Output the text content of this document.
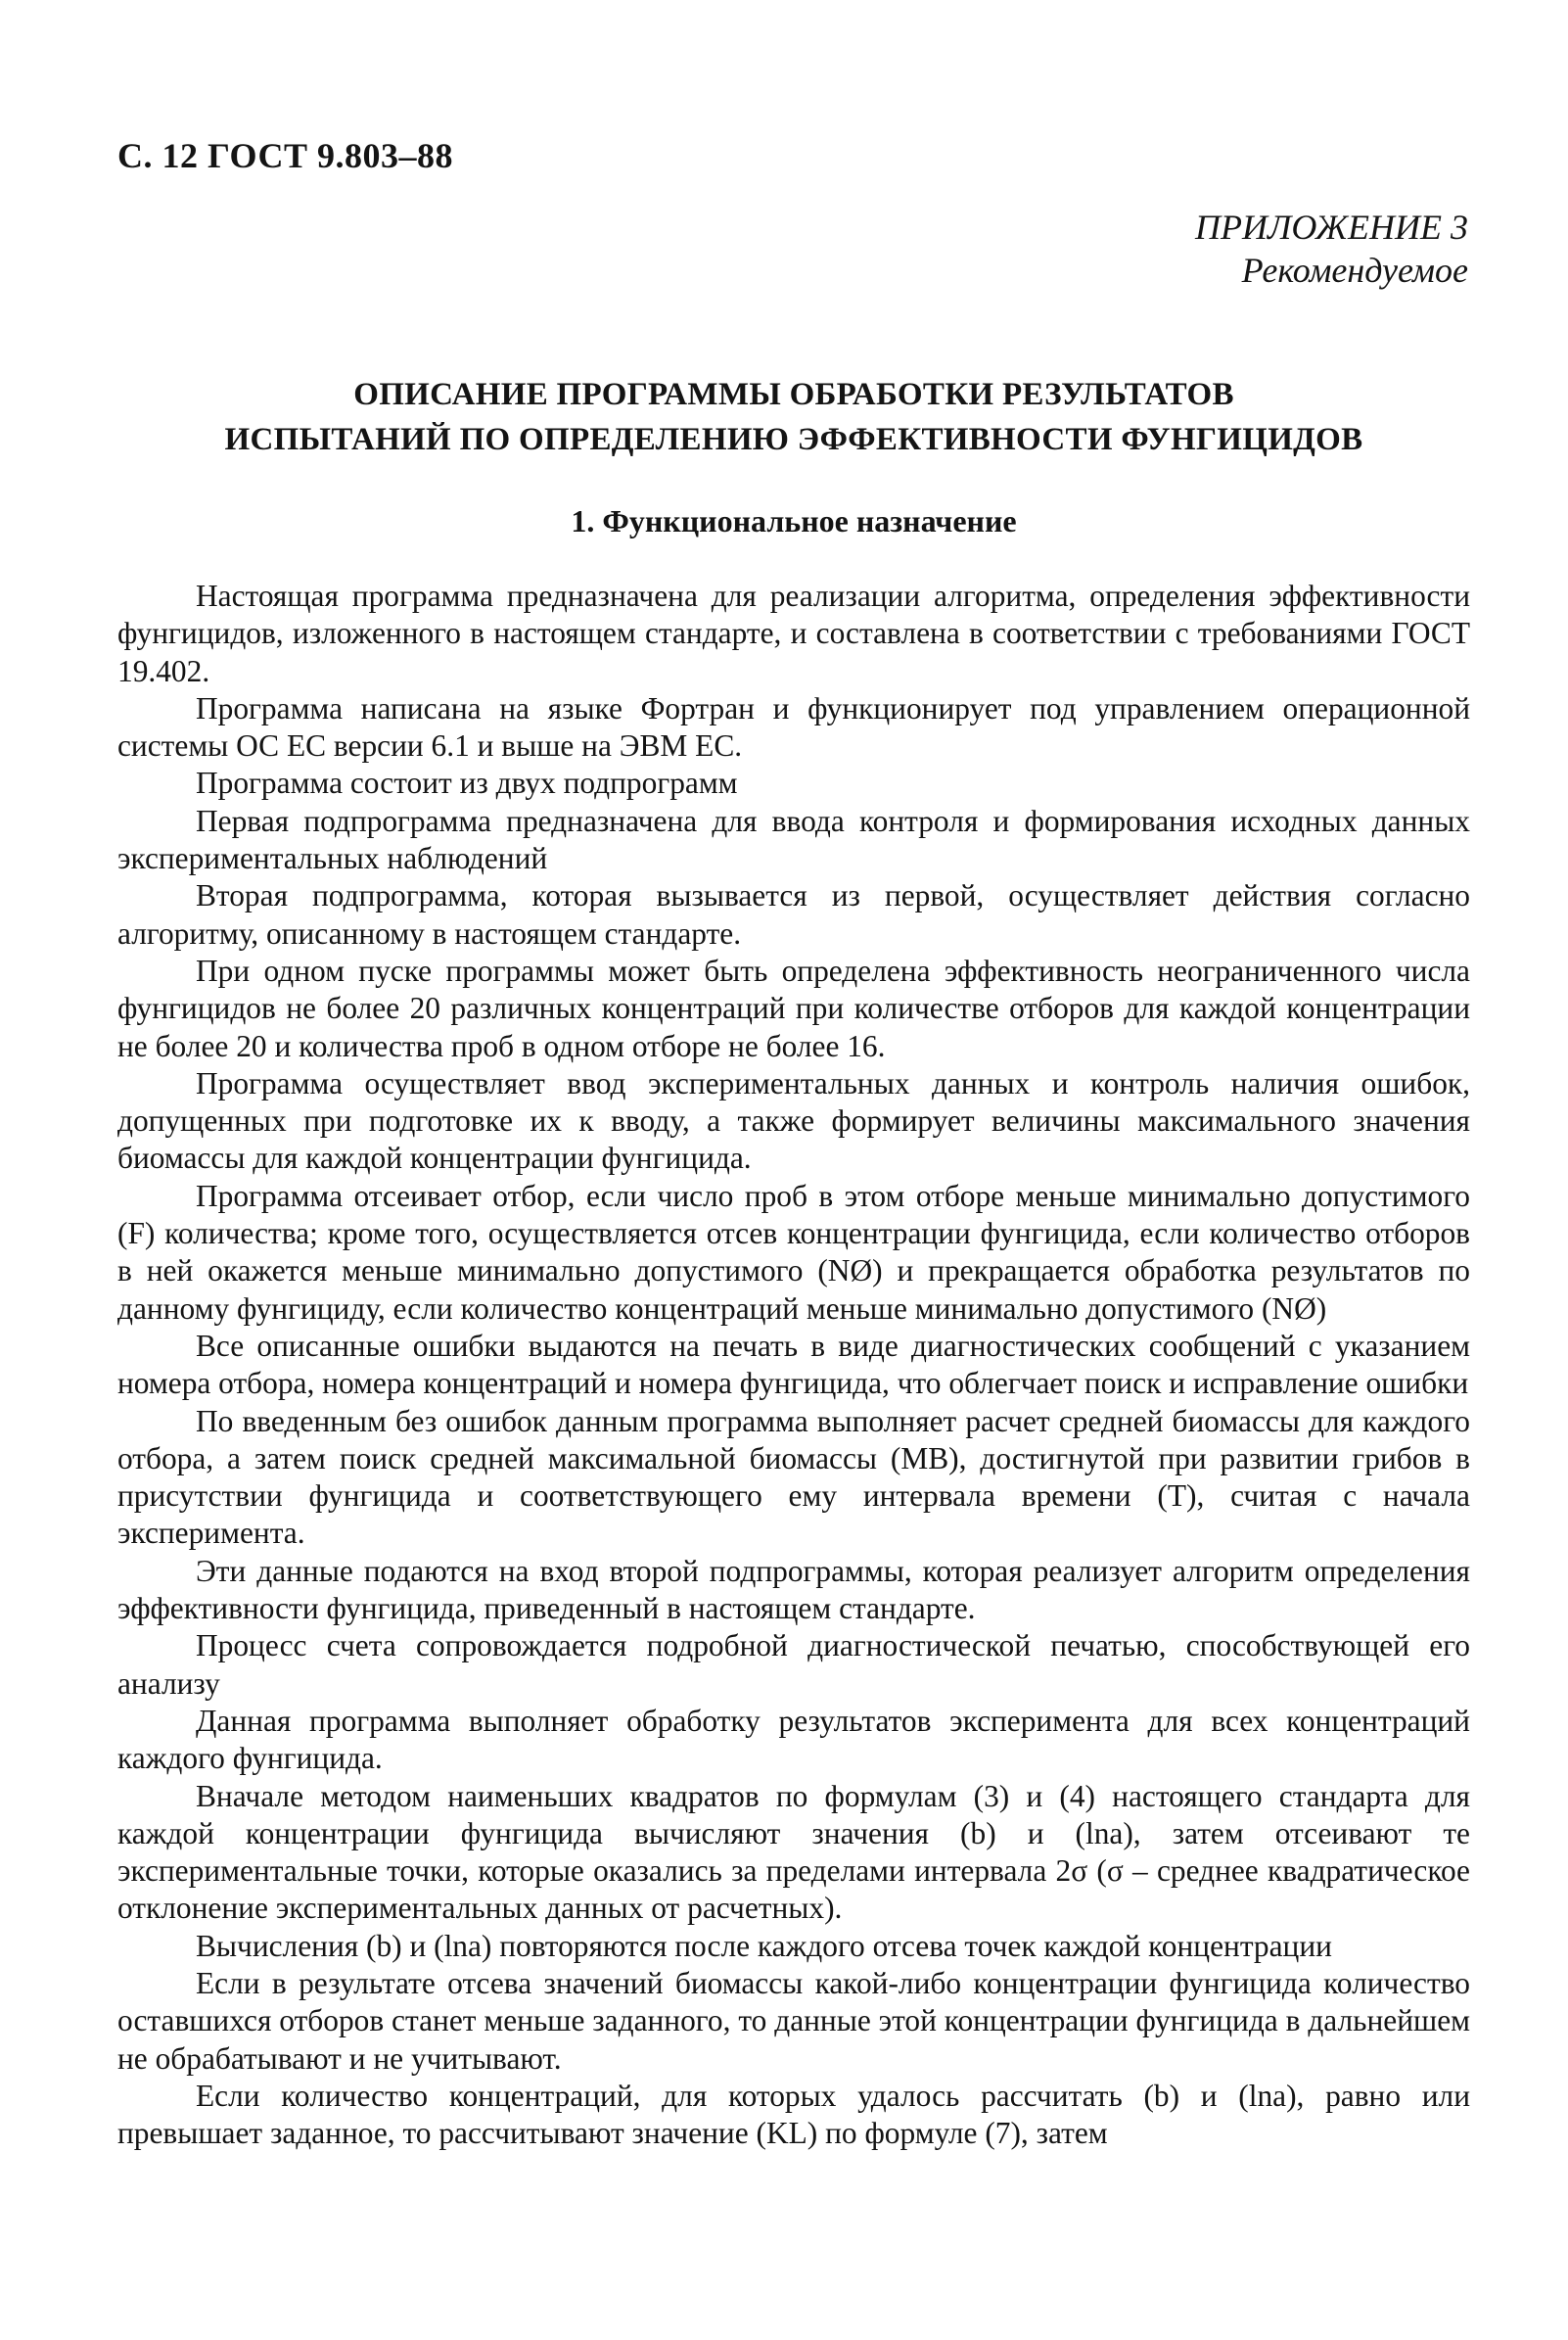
С. 12 ГОСТ 9.803–88
ПРИЛОЖЕНИЕ 3
Рекомендуемое
ОПИСАНИЕ ПРОГРАММЫ ОБРАБОТКИ РЕЗУЛЬТАТОВ
ИСПЫТАНИЙ ПО ОПРЕДЕЛЕНИЮ ЭФФЕКТИВНОСТИ ФУНГИЦИДОВ
1. Функциональное назначение

Настоящая программа предназначена для реализации алгоритма, определения эффективности фунгицидов, изложенного в настоящем стандарте, и составлена в соответствии с требованиями ГОСТ 19.402.

Программа написана на языке Фортран и функционирует под управлением операционной системы ОС ЕС версии 6.1 и выше на ЭВМ ЕС.

Программа состоит из двух подпрограмм

Первая подпрограмма предназначена для ввода контроля и формирования исходных данных экспериментальных наблюдений

Вторая подпрограмма, которая вызывается из первой, осуществляет действия согласно алгоритму, описанному в настоящем стандарте.

При одном пуске программы может быть определена эффективность неограниченного числа фунгицидов не более 20 различных концентраций при количестве отборов для каждой концентрации не более 20 и количества проб в одном отборе не более 16.

Программа осуществляет ввод экспериментальных данных и контроль наличия ошибок, допущенных при подготовке их к вводу, а также формирует величины максимального значения биомассы для каждой концентрации фунгицида.

Программа отсеивает отбор, если число проб в этом отборе меньше минимально допустимого (F) количества; кроме того, осуществляется отсев концентрации фунгицида, если количество отборов в ней окажется меньше минимально допустимого (NØ) и прекращается обработка результатов по данному фунгициду, если количество концентраций меньше минимально допустимого (NØ)

Все описанные ошибки выдаются на печать в виде диагностических сообщений с указанием номера отбора, номера концентраций и номера фунгицида, что облегчает поиск и исправление ошибки

По введенным без ошибок данным программа выполняет расчет средней биомассы для каждого отбора, а затем поиск средней максимальной биомассы (МВ), достигнутой при развитии грибов в присутствии фунгицида и соответствующего ему интервала времени (T), считая с начала эксперимента.

Эти данные подаются на вход второй подпрограммы, которая реализует алгоритм определения эффективности фунгицида, приведенный в настоящем стандарте.

Процесс счета сопровождается подробной диагностической печатью, способствующей его анализу

Данная программа выполняет обработку результатов эксперимента для всех концентраций каждого фунгицида.

Вначале методом наименьших квадратов по формулам (3) и (4) настоящего стандарта для каждой концентрации фунгицида вычисляют значения (b) и (lna), затем отсеивают те экспериментальные точки, которые оказались за пределами интервала 2σ (σ – среднее квадратическое отклонение экспериментальных данных от расчетных).

Вычисления (b) и (lna) повторяются после каждого отсева точек каждой концентрации

Если в результате отсева значений биомассы какой-либо концентрации фунгицида количество оставшихся отборов станет меньше заданного, то данные этой концентрации фунгицида в дальнейшем не обрабатывают и не учитывают.

Если количество концентраций, для которых удалось рассчитать (b) и (lna), равно или превышает заданное, то рассчитывают значение (KL) по формуле (7), затем
